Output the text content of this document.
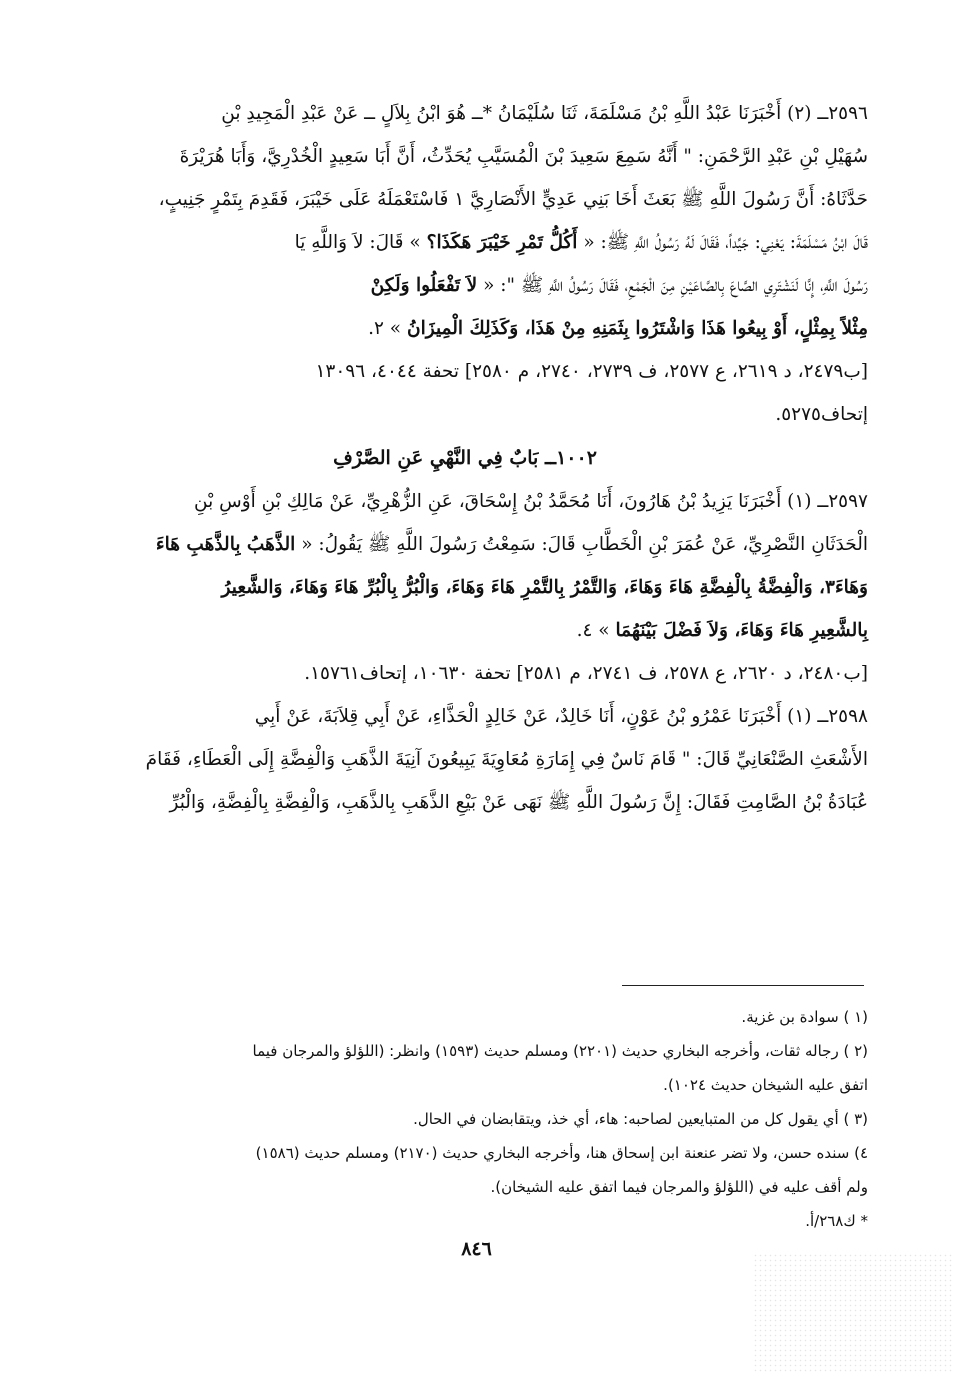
٢٥٩٦ــ (٢) أَخْبَرَنَا عَبْدُ اللَّهِ بْنُ مَسْلَمَةَ، ثَنَا سُلَيْمَانُ *ــ هُوَ ابْنُ بِلاَلٍ ــ عَنْ عَبْدِ الْمَجِيدِ بْنِ

سُهَيْلِ بْنِ عَبْدِ الرَّحْمَنِ: " أَنَّهُ سَمِعَ سَعِيدَ بْنَ الْمُسَيَّبِ يُحَدِّثُ، أَنَّ أَبَا سَعِيدٍ الْخُدْرِيَّ، وَأَبَا هُرَيْرَةَ

حَدَّثَاهُ: أَنَّ رَسُولَ اللَّهِ ﷺ بَعَثَ أَخَا بَنِي عَدِيٍّ الأَنْصَارِيَّ ١ فَاسْتَعْمَلَهُ عَلَى خَيْبَرَ، فَقَدِمَ بِتَمْرٍ جَنِيبٍ،

قَالَ ابْنُ مَسْلَمَةَ: يَعْنِي: جَيِّداً، فَقَالَ لَهُ رَسُولُ اللَّهِ ﷺ: « أَكُلُّ تَمْرِ خَيْبَرَ هَكَذَا؟ » قَالَ: لاَ وَاللَّهِ يَا

رَسُولَ اللَّهِ، إِنَّا لَنَشْتَرِي الصَّاعَ بِالصَّاعَيْنِ مِنَ الْجَمْعِ، فَقَالَ رَسُولُ اللَّهِ ﷺ ": « لاَ تَفْعَلُوا وَلَكِنْ

مِثْلاً بِمِثْلٍ، أَوْ بِيعُوا هَذَا وَاشْتَرُوا بِثَمَنِهِ مِنْ هَذَا، وَكَذَلِكَ الْمِيزَانُ » ٢.

[ب٢٤٧٩، د ٢٦١٩، ع ٢٥٧٧، ف ٢٧٣٩، ٢٧٤٠، م ٢٥٨٠] تحفة ٤٠٤٤، ١٣٠٩٦

إتحاف٥٢٧٥.

١٠٠٢ــ بَابٌ فِي النَّهْيِ عَنِ الصَّرْفِ

٢٥٩٧ــ (١) أَخْبَرَنَا يَزِيدُ بْنُ هَارُونَ، أَنَا مُحَمَّدُ بْنُ إِسْحَاقَ، عَنِ الزُّهْرِيِّ، عَنْ مَالِكِ بْنِ أَوْسِ بْنِ

الْحَدَثَانِ النَّصْرِيِّ، عَنْ عُمَرَ بْنِ الْخَطَّابِ قَالَ: سَمِعْتُ رَسُولَ اللَّهِ ﷺ يَقُولُ: « الذَّهَبُ بِالذَّهَبِ هَاءَ

وَهَاءَ٣، وَالْفِضَّةُ بِالْفِضَّةِ هَاءَ وَهَاءَ، وَالتَّمْرُ بِالتَّمْرِ هَاءَ وَهَاءَ، وَالْبُرُّ بِالْبُرِّ هَاءَ وَهَاءَ، وَالشَّعِيرُ

بِالشَّعِيرِ هَاءَ وَهَاءَ، وَلاَ فَضْلَ بَيْنَهُمَا » ٤.

[ب٢٤٨٠، د ٢٦٢٠، ع ٢٥٧٨، ف ٢٧٤١، م ٢٥٨١] تحفة ١٠٦٣٠، إتحاف١٥٧٦١.

٢٥٩٨ــ (١) أَخْبَرَنَا عَمْرُو بْنُ عَوْنٍ، أَنَا خَالِدٌ، عَنْ خَالِدٍ الْحَذَّاءِ، عَنْ أَبِي قِلاَبَةَ، عَنْ أَبِي

الأَشْعَثِ الصَّنْعَانِيِّ قَالَ: " قَامَ نَاسٌ فِي إِمَارَةِ مُعَاوِيَةَ يَبِيعُونَ آنِيَةَ الذَّهَبِ وَالْفِضَّةِ إِلَى الْعَطَاءِ، فَقَامَ

عُبَادَةُ بْنُ الصَّامِتِ فَقَالَ: إِنَّ رَسُولَ اللَّهِ ﷺ نَهَى عَنْ بَيْعِ الذَّهَبِ بِالذَّهَبِ، وَالْفِضَّةِ بِالْفِضَّةِ، وَالْبُرِّ

(١ ) سوادة بن غزية.

(٢ ) رجاله ثقات، وأخرجه البخاري حديث (٢٢٠١) ومسلم حديث (١٥٩٣) وانظر: (اللؤلؤ والمرجان فيما

اتفق عليه الشيخان حديث ١٠٢٤).

(٣ ) أي يقول كل من المتبايعين لصاحبه: هاء، أي خذ، ويتقابضان في الحال.

٤) سنده حسن، ولا تضر عنعنة ابن إسحاق هنا، وأخرجه البخاري حديث (٢١٧٠) ومسلم حديث (١٥٨٦)

ولم أقف عليه في (اللؤلؤ والمرجان فيما اتفق عليه الشيخان).

* ك٢٦٨/أ.

٨٤٦
